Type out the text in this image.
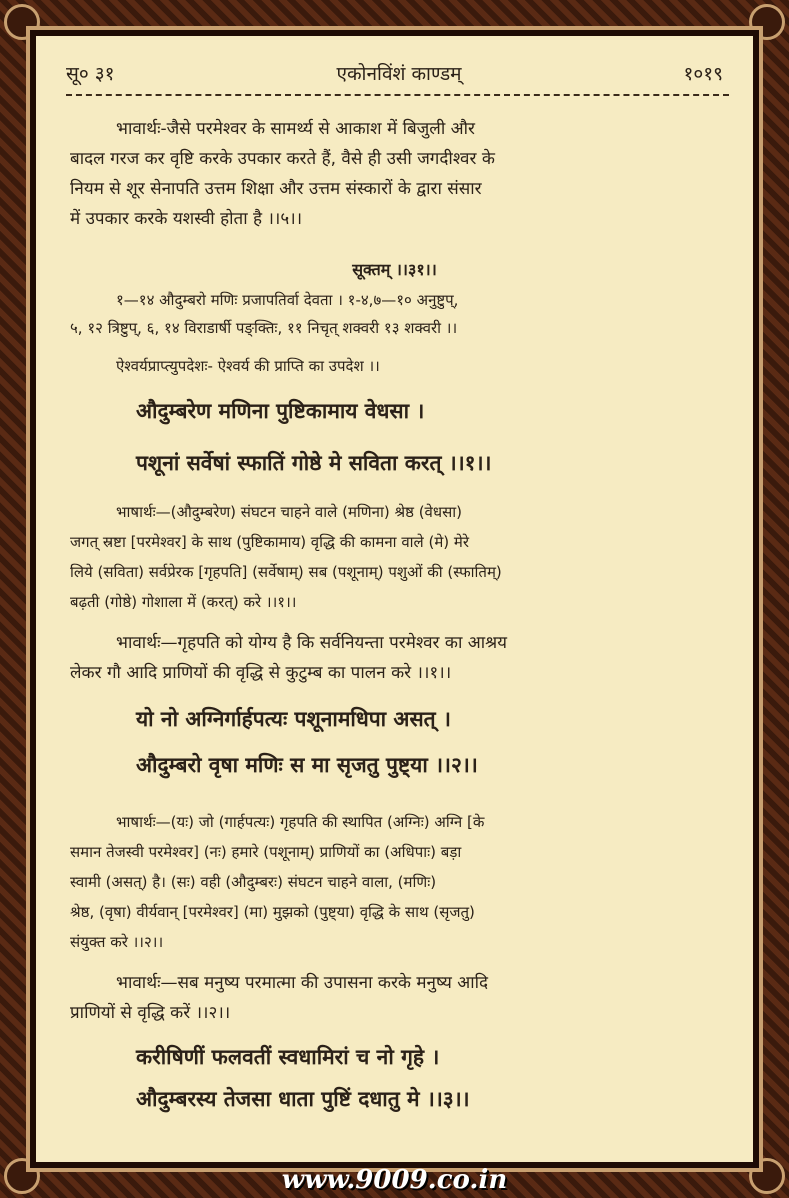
सू० ३१	एकोनविंशं काण्डम्	१०१९
भावार्थः-जैसे परमेश्वर के सामर्थ्य से आकाश में बिजुली और
बादल गरज कर वृष्टि करके उपकार करते हैं, वैसे ही उसी जगदीश्वर के
नियम से शूर सेनापति उत्तम शिक्षा और उत्तम संस्कारों के द्वारा संसार
में उपकार करके यशस्वी होता है ।।५।।
सूक्तम् ।।३१।।
१—१४ औदुम्बरो मणिः प्रजापतिर्वा देवता । १-४,७—१० अनुष्टुप्,
५, १२ त्रिष्टुप्, ६, १४ विराडार्षी पङ्क्तिः, ११ निचृत् शक्वरी १३ शक्वरी ।।
ऐश्वर्यप्राप्त्युपदेशः- ऐश्वर्य की प्राप्ति का उपदेश ।।
औदुम्बरेण मणिना पुष्टिकामाय वेधसा ।
पशूनां सर्वेषां स्फातिं गोष्ठे मे सविता करत् ।।१।।
भाषार्थः—(औदुम्बरेण) संघटन चाहने वाले (मणिना) श्रेष्ठ (वेधसा)
जगत् स्रष्टा [परमेश्वर] के साथ (पुष्टिकामाय) वृद्धि की कामना वाले (मे) मेरे
लिये (सविता) सर्वप्रेरक [गृहपति] (सर्वेषाम्) सब (पशूनाम्) पशुओं की (स्फातिम्)
बढ़ती (गोष्ठे) गोशाला में (करत्) करे ।।१।।
भावार्थः—गृहपति को योग्य है कि सर्वनियन्ता परमेश्वर का आश्रय
लेकर गौ आदि प्राणियों की वृद्धि से कुटुम्ब का पालन करे ।।१।।
यो नो अग्निर्गार्हपत्यः पशूनामधिपा असत् ।
औदुम्बरो वृषा मणिः स मा सृजतु पुष्ट्या ।।२।।
भाषार्थः—(यः) जो (गार्हपत्यः) गृहपति की स्थापित (अग्निः) अग्नि [के
समान तेजस्वी परमेश्वर] (नः) हमारे (पशूनाम्) प्राणियों का (अधिपाः) बड़ा
स्वामी (असत्) है। (सः) वही (औदुम्बरः) संघटन चाहने वाला, (मणिः)
श्रेष्ठ, (वृषा) वीर्यवान् [परमेश्वर] (मा) मुझको (पुष्ट्या) वृद्धि के साथ (सृजतु)
संयुक्त करे ।।२।।
भावार्थः—सब मनुष्य परमात्मा की उपासना करके मनुष्य आदि
प्राणियों से वृद्धि करें ।।२।।
करीषिणीं फलवतीं स्वधामिरां च नो गृहे ।
औदुम्बरस्य तेजसा धाता पुष्टिं दधातु मे ।।३।।
www.9009.co.in
